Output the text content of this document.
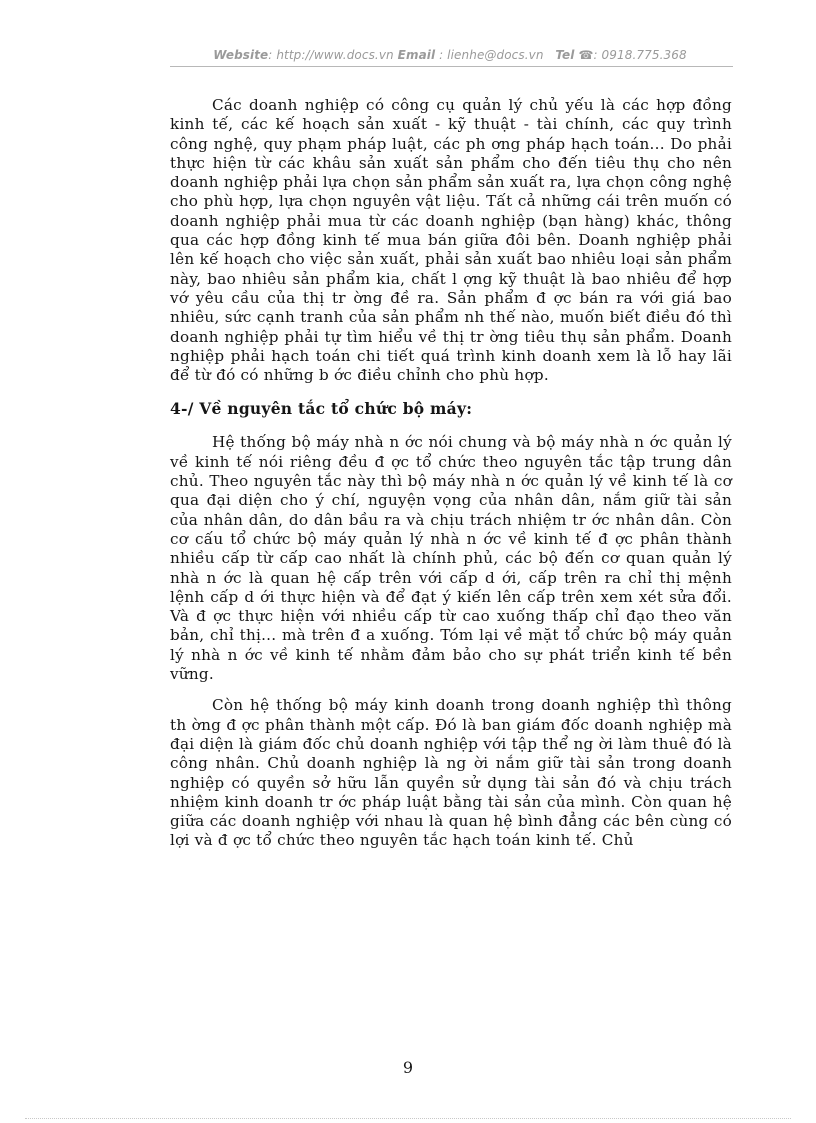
Website: http://www.docs.vn Email : lienhe@docs.vn Tel ☎: 0918.775.368

Các doanh nghiệp có công cụ quản lý chủ yếu là các hợp đồng kinh tế, các kế hoạch sản xuất - kỹ thuật - tài chính, các quy trình công nghệ, quy phạm pháp luật, các ph ơng pháp hạch toán... Do phải thực hiện từ các khâu sản xuất sản phẩm cho đến tiêu thụ cho nên doanh nghiệp phải lựa chọn sản phẩm sản xuất ra, lựa chọn công nghệ cho phù hợp, lựa chọn nguyên vật liệu. Tất cả những cái trên muốn có doanh nghiệp phải mua từ các doanh nghiệp (bạn hàng) khác, thông qua các hợp đồng kinh tế mua bán giữa đôi bên. Doanh nghiệp phải lên kế hoạch cho việc sản xuất, phải sản xuất bao nhiêu loại sản phẩm này, bao nhiêu sản phẩm kia, chất l ợng kỹ thuật là bao nhiêu để hợp vớ yêu cầu của thị tr ờng đề ra. Sản phẩm đ ợc bán ra với giá bao nhiêu, sức cạnh tranh của sản phẩm nh thế nào, muốn biết điều đó thì doanh nghiệp phải tự tìm hiểu về thị tr ờng tiêu thụ sản phẩm. Doanh nghiệp phải hạch toán chi tiết quá trình kinh doanh xem là lỗ hay lãi để từ đó có những b ớc điều chỉnh cho phù hợp.

4-/ Về nguyên tắc tổ chức bộ máy:

Hệ thống bộ máy nhà n ớc nói chung và bộ máy nhà n ớc quản lý về kinh tế nói riêng đều đ ợc tổ chức theo nguyên tắc tập trung dân chủ. Theo nguyên tắc này thì bộ máy nhà n ớc quản lý về kinh tế là cơ qua đại diện cho ý chí, nguyện vọng của nhân dân, nắm giữ tài sản của nhân dân, do dân bầu ra và chịu trách nhiệm tr ớc nhân dân. Còn cơ cấu tổ chức bộ máy quản lý nhà n ớc về kinh tế đ ợc phân thành nhiều cấp từ cấp cao nhất là chính phủ, các bộ đến cơ quan quản lý nhà n ớc là quan hệ cấp trên với cấp d ới, cấp trên ra chỉ thị mệnh lệnh cấp d ới thực hiện và để đạt ý kiến lên cấp trên xem xét sửa đổi. Và đ ợc thực hiện với nhiều cấp từ cao xuống thấp chỉ đạo theo văn bản, chỉ thị... mà trên đ a xuống. Tóm lại về mặt tổ chức bộ máy quản lý nhà n ớc về kinh tế nhằm đảm bảo cho sự phát triển kinh tế bền vững.

Còn hệ thống bộ máy kinh doanh trong doanh nghiệp thì thông th ờng đ ợc phân thành một cấp. Đó là ban giám đốc doanh nghiệp mà đại diện là giám đốc chủ doanh nghiệp với tập thể ng ời làm thuê đó là công nhân. Chủ doanh nghiệp là ng ời nắm giữ tài sản trong doanh nghiệp có quyền sở hữu lẫn quyền sử dụng tài sản đó và chịu trách nhiệm kinh doanh tr ớc pháp luật bằng tài sản của mình. Còn quan hệ giữa các doanh nghiệp với nhau là quan hệ bình đẳng các bên cùng có lợi và đ ợc tổ chức theo nguyên tắc hạch toán kinh tế. Chủ

9
